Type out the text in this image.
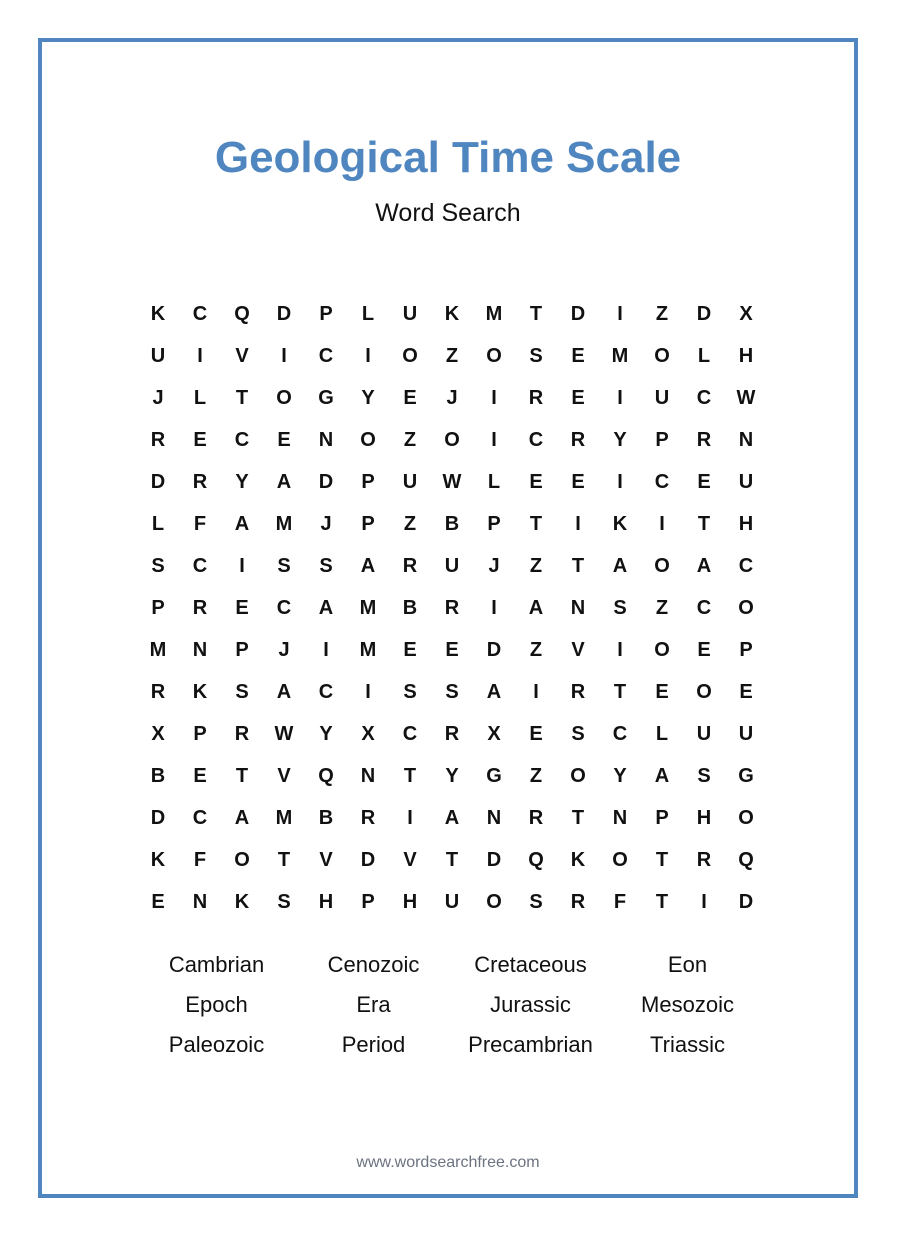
Geological Time Scale
Word Search
K	C	Q	D	P	L	U	K	M	T	D	I	Z	D	X
U	I	V	I	C	I	O	Z	O	S	E	M	O	L	H
J	L	T	O	G	Y	E	J	I	R	E	I	U	C	W
R	E	C	E	N	O	Z	O	I	C	R	Y	P	R	N
D	R	Y	A	D	P	U	W	L	E	E	I	C	E	U
L	F	A	M	J	P	Z	B	P	T	I	K	I	T	H
S	C	I	S	S	A	R	U	J	Z	T	A	O	A	C
P	R	E	C	A	M	B	R	I	A	N	S	Z	C	O
M	N	P	J	I	M	E	E	D	Z	V	I	O	E	P
R	K	S	A	C	I	S	S	A	I	R	T	E	O	E
X	P	R	W	Y	X	C	R	X	E	S	C	L	U	U
B	E	T	V	Q	N	T	Y	G	Z	O	Y	A	S	G
D	C	A	M	B	R	I	A	N	R	T	N	P	H	O
K	F	O	T	V	D	V	T	D	Q	K	O	T	R	Q
E	N	K	S	H	P	H	U	O	S	R	F	T	I	D
Cambrian	Cenozoic	Cretaceous	Eon
Epoch	Era	Jurassic	Mesozoic
Paleozoic	Period	Precambrian	Triassic
www.wordsearchfree.com
